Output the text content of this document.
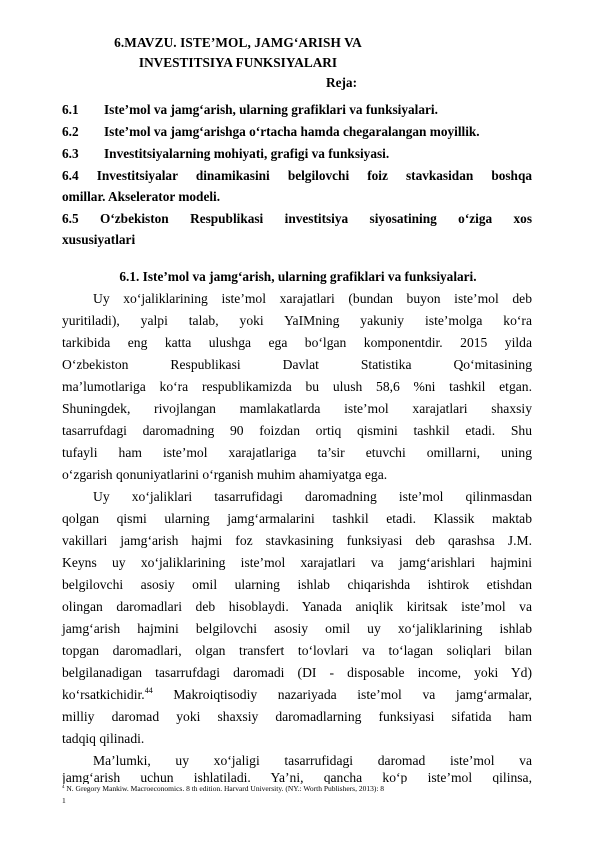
6.MAVZU. ISTE’MOL, JAMG‘ARISH VA
INVESTITSIYA FUNKSIYALARI
Reja:
6.1 Iste’mol va jamg‘arish, ularning grafiklari va funksiyalari.
6.2 Iste’mol va jamg‘arishga o‘rtacha hamda chegaralangan moyillik.
6.3 Investitsiyalarning mohiyati, grafigi va funksiyasi.
6.4 Investitsiyalar dinamikasini belgilovchi foiz stavkasidan boshqa
omillar. Akselerator modeli.
6.5 O‘zbekiston Respublikasi investitsiya siyosatining o‘ziga xos
xususiyatlari
6.1. Iste’mol va jamg‘arish, ularning grafiklari va funksiyalari.
Uy xo‘jaliklarining iste’mol xarajatlari (bundan buyon iste’mol deb
yuritiladi), yalpi talab, yoki YaIMning yakuniy iste’molga ko‘ra
tarkibida eng katta ulushga ega bo‘lgan komponentdir. 2015 yilda
O‘zbekiston Respublikasi Davlat Statistika Qo‘mitasining
ma’lumotlariga ko‘ra respublikamizda bu ulush 58,6 %ni tashkil etgan.
Shuningdek, rivojlangan mamlakatlarda iste’mol xarajatlari shaxsiy
tasarrufdagi daromadning 90 foizdan ortiq qismini tashkil etadi. Shu
tufayli ham iste’mol xarajatlariga ta’sir etuvchi omillarni, uning
o‘zgarish qonuniyatlarini o‘rganish muhim ahamiyatga ega.
Uy xo‘jaliklari tasarrufidagi daromadning iste’mol qilinmasdan
qolgan qismi ularning jamg‘armalarini tashkil etadi. Klassik maktab
vakillari jamg‘arish hajmi foz stavkasining funksiyasi deb qarashsa J.M.
Keyns uy xo‘jaliklarining iste’mol xarajatlari va jamg‘arishlari hajmini
belgilovchi asosiy omil ularning ishlab chiqarishda ishtirok etishdan
olingan daromadlari deb hisoblaydi. Yanada aniqlik kiritsak iste’mol va
jamg‘arish hajmini belgilovchi asosiy omil uy xo‘jaliklarining ishlab
topgan daromadlari, olgan transfert to‘lovlari va to‘lagan soliqlari bilan
belgilanadigan tasarrufdagi daromadi (DI - disposable income, yoki Yd)
ko‘rsatkichidir.$^{44}$ Makroiqtisodiy nazariyada iste’mol va jamg‘armalar,
milliy daromad yoki shaxsiy daromadlarning funksiyasi sifatida ham
tadqiq qilinadi.
Ma’lumki, uy xo‘jaligi tasarrufidagi daromad iste’mol va
jamg‘arish uchun ishlatiladi. Ya’ni, qancha ko‘p iste’mol qilinsa,
$^4$ N. Gregory Mankiw. Macroeconomics. 8 th edition. Harvard University. (NY.: Worth Publishers, 2013): 8
1
